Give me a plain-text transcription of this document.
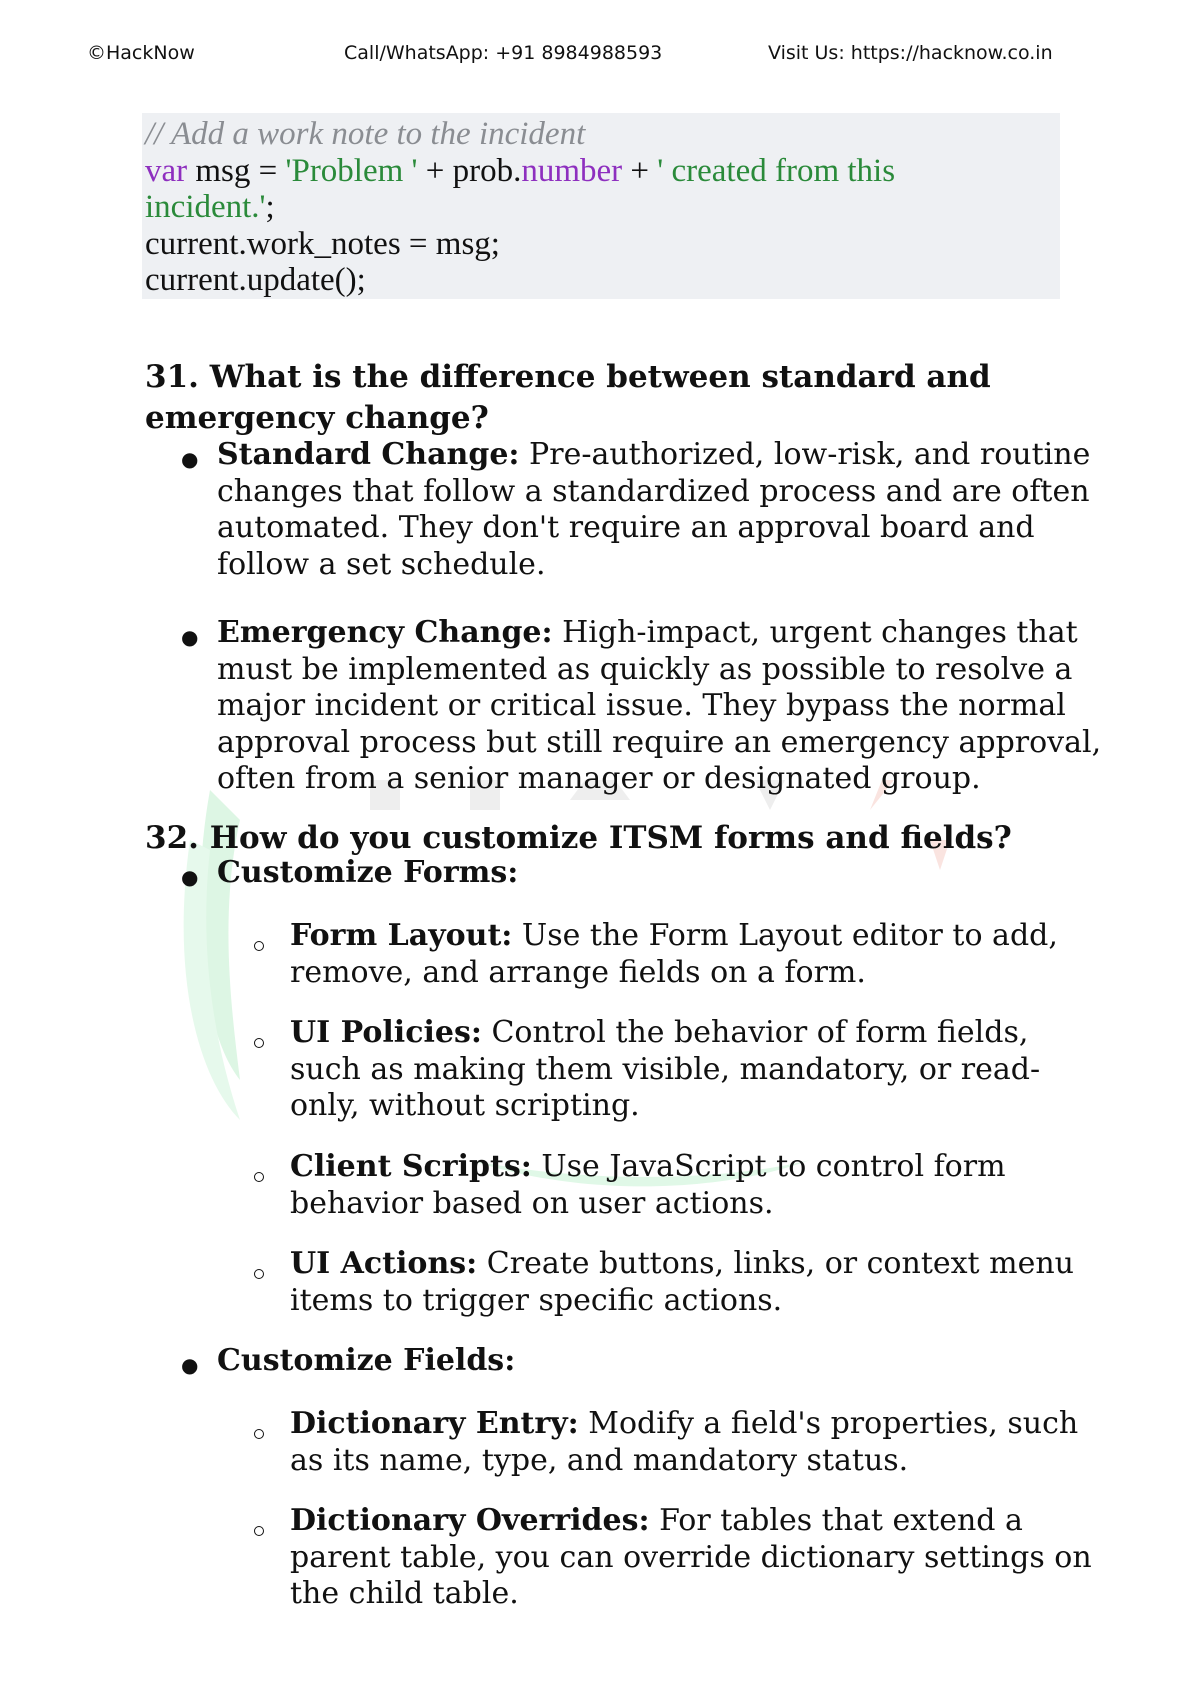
©HackNow	Call/WhatsApp: +91 8984988593	Visit Us: https://hacknow.co.in
// Add a work note to the incident
var msg = 'Problem ' + prob.number + ' created from this
incident.';
current.work_notes = msg;
current.update();
31. What is the difference between standard and
emergency change?
● Standard Change: Pre-authorized, low-risk, and routine
changes that follow a standardized process and are often
automated. They don't require an approval board and
follow a set schedule.
● Emergency Change: High-impact, urgent changes that
must be implemented as quickly as possible to resolve a
major incident or critical issue. They bypass the normal
approval process but still require an emergency approval,
often from a senior manager or designated group.
32. How do you customize ITSM forms and fields?
● Customize Forms:
Form Layout: Use the Form Layout editor to add,
remove, and arrange fields on a form.
UI Policies: Control the behavior of form fields,
such as making them visible, mandatory, or read-
only, without scripting.
Client Scripts: Use JavaScript to control form
behavior based on user actions.
UI Actions: Create buttons, links, or context menu
items to trigger specific actions.
● Customize Fields:
Dictionary Entry: Modify a field's properties, such
as its name, type, and mandatory status.
Dictionary Overrides: For tables that extend a
parent table, you can override dictionary settings on
the child table.
